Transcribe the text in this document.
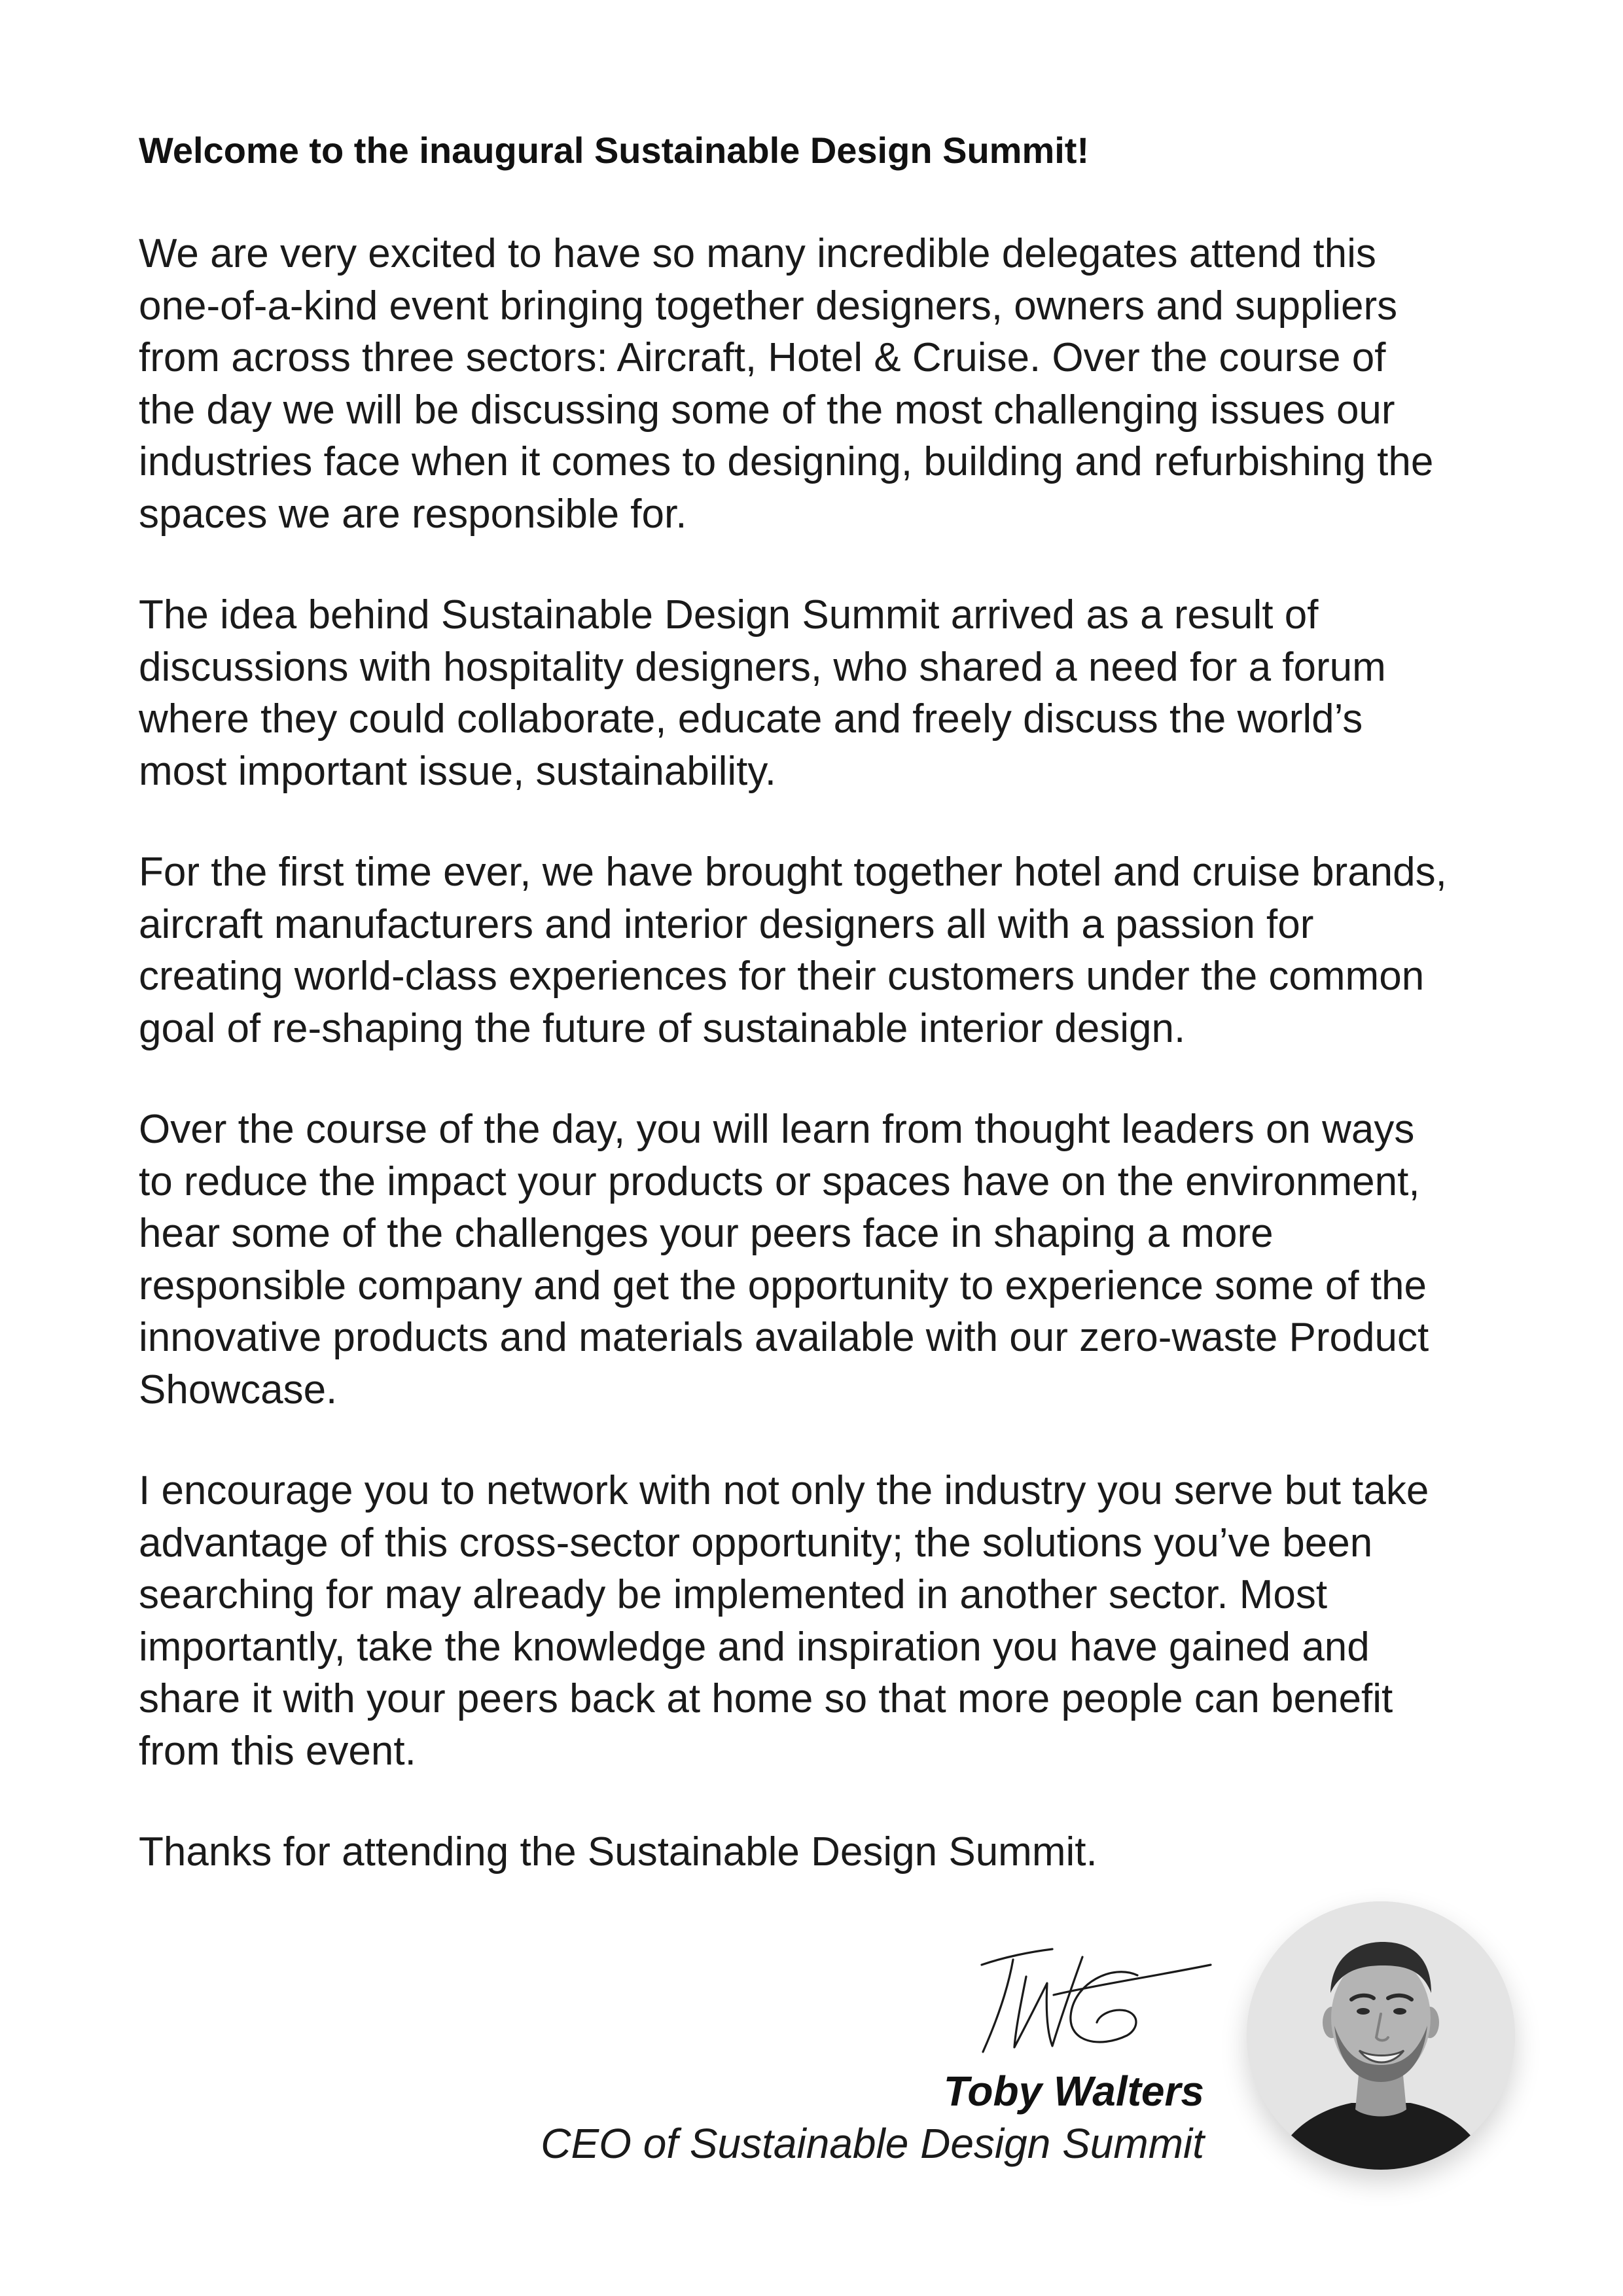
Welcome to the inaugural Sustainable Design Summit!
We are very excited to have so many incredible delegates attend this
one-of-a-kind event bringing together designers, owners and suppliers
from across three sectors: Aircraft, Hotel & Cruise. Over the course of
the day we will be discussing some of the most challenging issues our
industries face when it comes to designing, building and refurbishing the
spaces we are responsible for.
The idea behind Sustainable Design Summit arrived as a result of
discussions with hospitality designers, who shared a need for a forum
where they could collaborate, educate and freely discuss the world’s
most important issue, sustainability.
For the first time ever, we have brought together hotel and cruise brands,
aircraft manufacturers and interior designers all with a passion for
creating world-class experiences for their customers under the common
goal of re-shaping the future of sustainable interior design.
Over the course of the day, you will learn from thought leaders on ways
to reduce the impact your products or spaces have on the environment,
hear some of the challenges your peers face in shaping a more
responsible company and get the opportunity to experience some of the
innovative products and materials available with our zero-waste Product
Showcase.
I encourage you to network with not only the industry you serve but take
advantage of this cross-sector opportunity; the solutions you’ve been
searching for may already be implemented in another sector. Most
importantly, take the knowledge and inspiration you have gained and
share it with your peers back at home so that more people can benefit
from this event.
Thanks for attending the Sustainable Design Summit.
Toby Walters
CEO of Sustainable Design Summit
